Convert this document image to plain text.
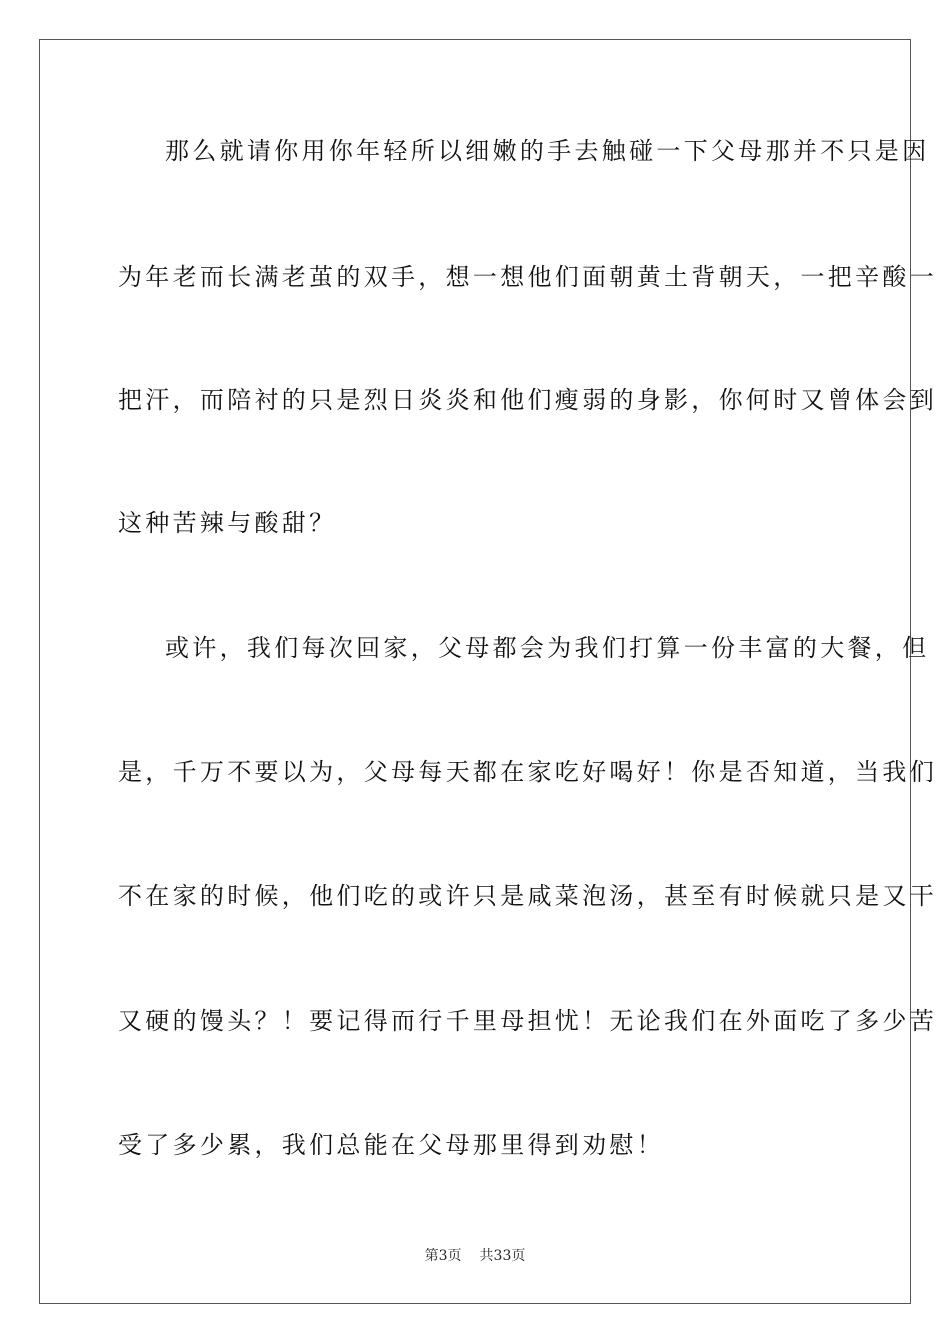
那么就请你用你年轻所以细嫩的手去触碰一下父母那并不只是因
为年老而长满老茧的双手，想一想他们面朝黄土背朝天，一把辛酸一
把汗，而陪衬的只是烈日炎炎和他们瘦弱的身影，你何时又曾体会到
这种苦辣与酸甜？
或许，我们每次回家，父母都会为我们打算一份丰富的大餐，但
是，千万不要以为，父母每天都在家吃好喝好！你是否知道，当我们
不在家的时候，他们吃的或许只是咸菜泡汤，甚至有时候就只是又干
又硬的馒头？！要记得而行千里母担忧！无论我们在外面吃了多少苦
受了多少累，我们总能在父母那里得到劝慰！
第3页 共33页
